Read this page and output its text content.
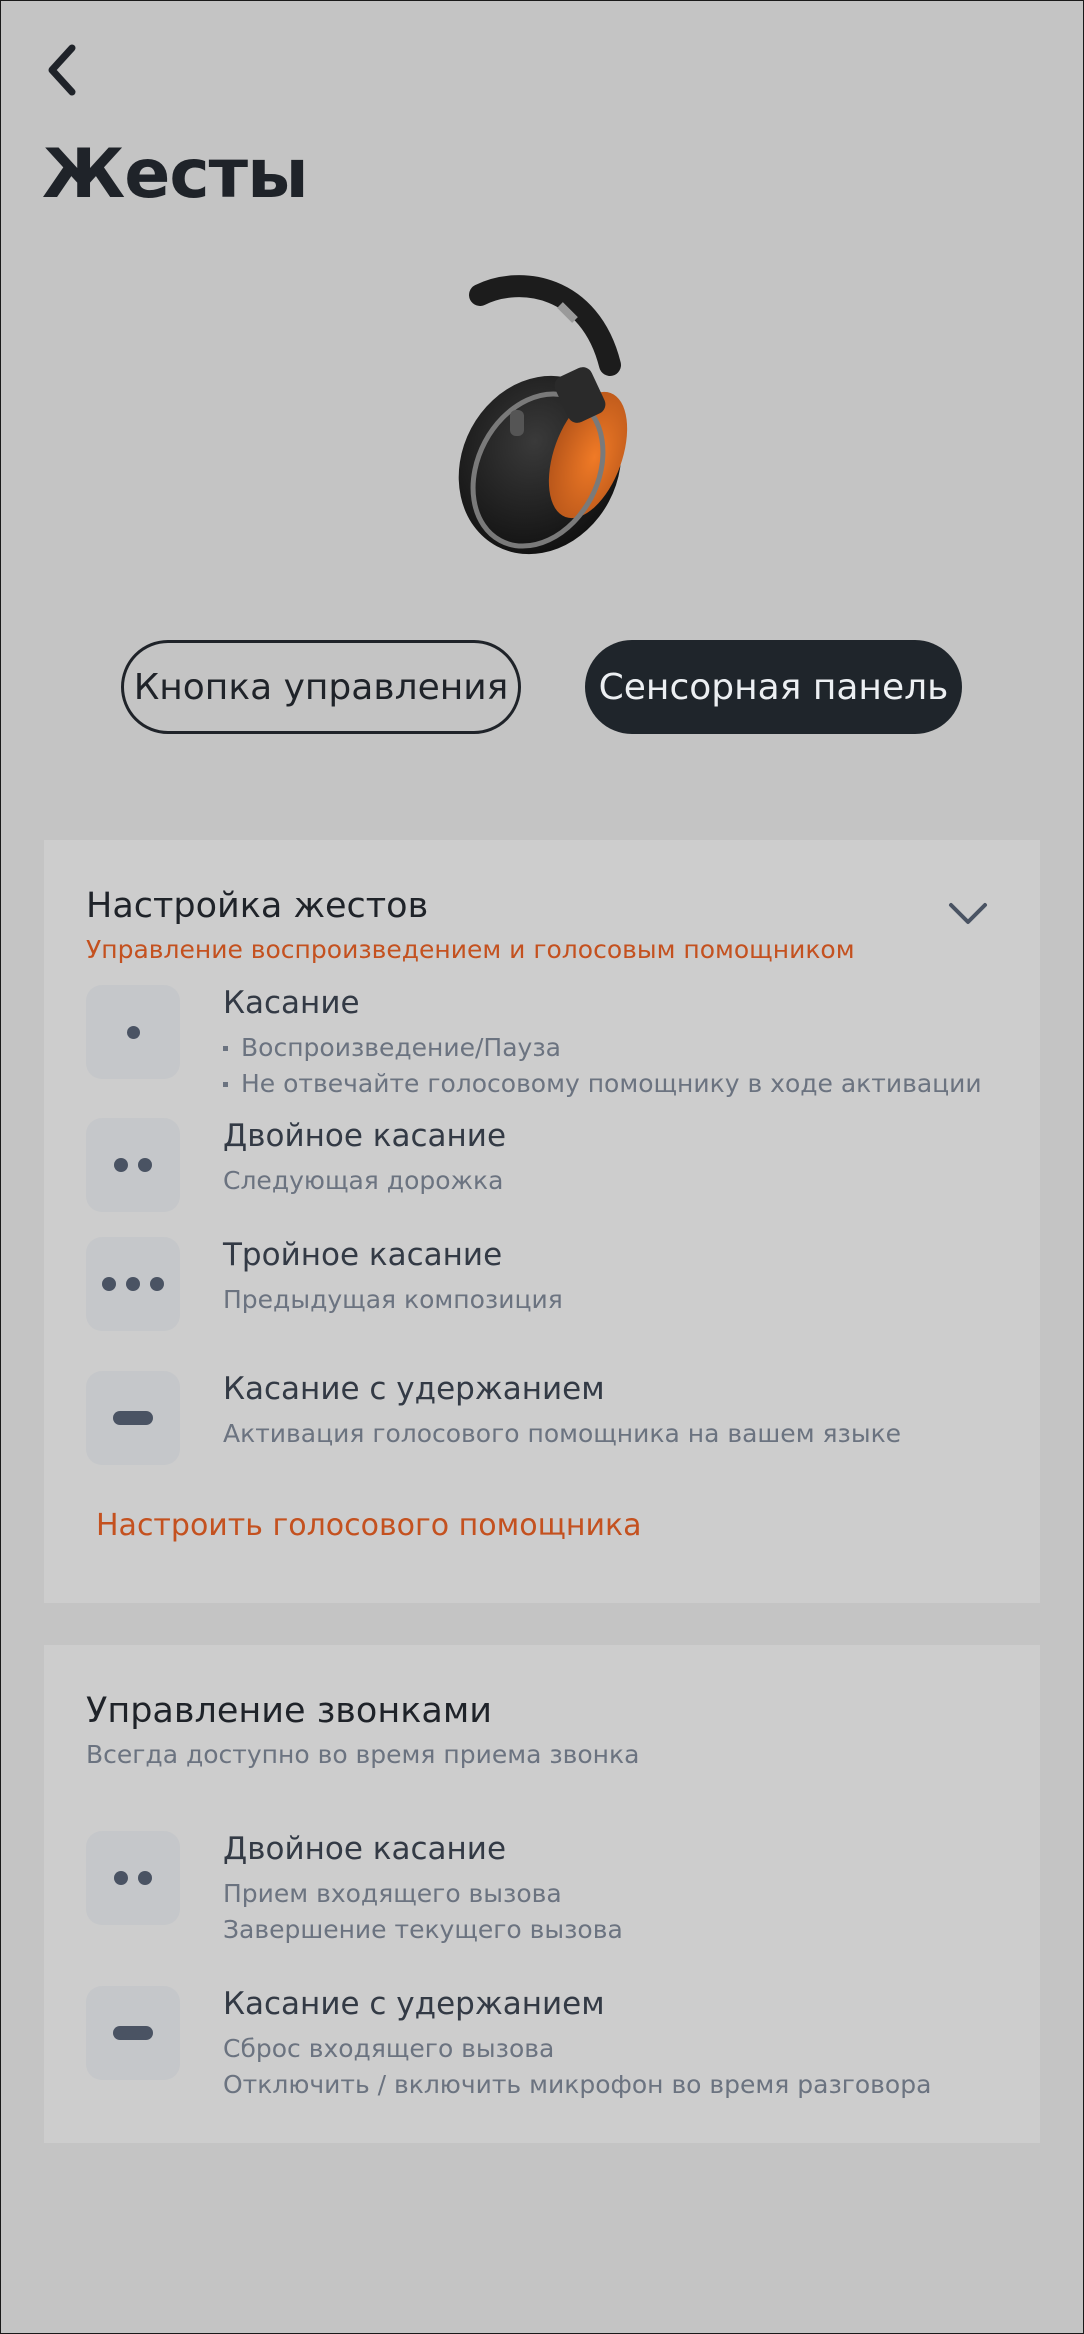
Жесты
Кнопка управления	Сенсорная панель
Настройка жестов
Управление воспроизведением и голосовым помощником
Касание
Воспроизведение/Пауза
Не отвечайте голосовому помощнику в ходе активации
Двойное касание
Следующая дорожка
Тройное касание
Предыдущая композиция
Касание с удержанием
Активация голосового помощника на вашем языке
Настроить голосового помощника
Управление звонками
Всегда доступно во время приема звонка
Двойное касание
Прием входящего вызова
Завершение текущего вызова
Касание с удержанием
Сброс входящего вызова
Отключить / включить микрофон во время разговора
